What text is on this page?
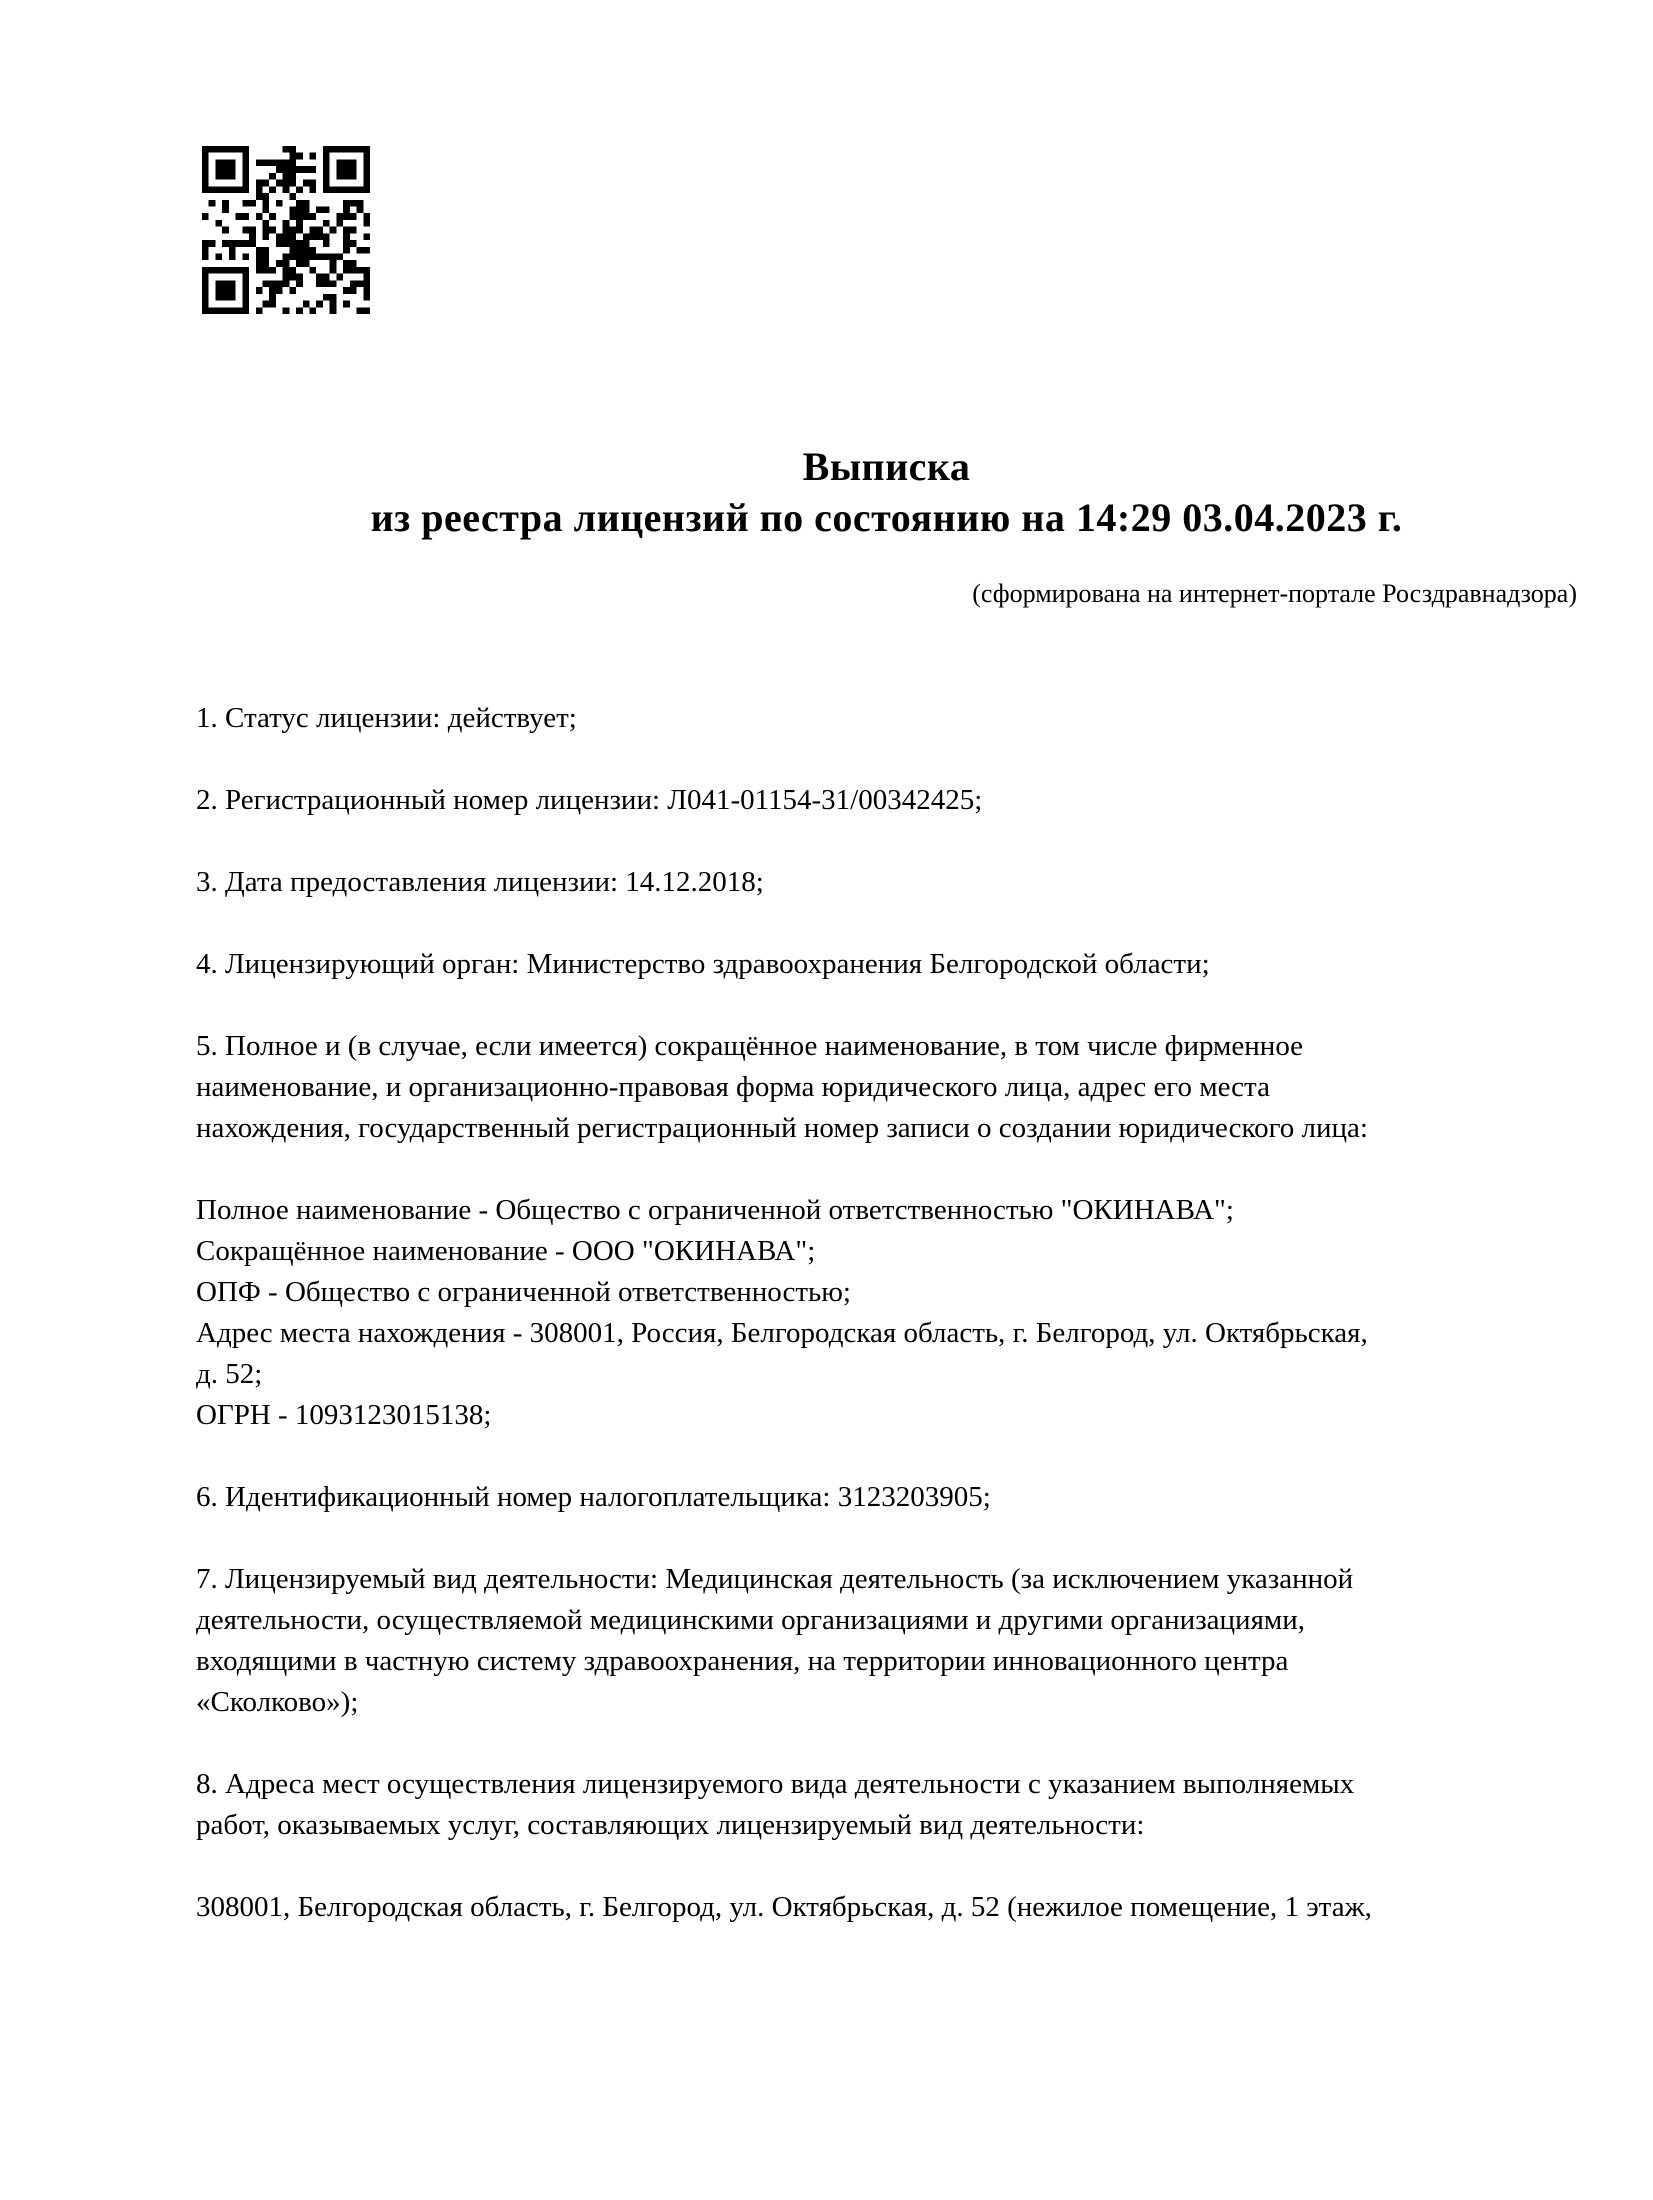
Выписка
из реестра лицензий по состоянию на 14:29 03.04.2023 г.
(сформирована на интернет-портале Росздравнадзора)
1. Статус лицензии: действует;
2. Регистрационный номер лицензии: Л041-01154-31/00342425;
3. Дата предоставления лицензии: 14.12.2018;
4. Лицензирующий орган: Министерство здравоохранения Белгородской области;
5. Полное и (в случае, если имеется) сокращённое наименование, в том числе фирменное
наименование, и организационно-правовая форма юридического лица, адрес его места
нахождения, государственный регистрационный номер записи о создании юридического лица:
Полное наименование - Общество с ограниченной ответственностью "ОКИНАВА";
Сокращённое наименование - ООО "ОКИНАВА";
ОПФ - Общество с ограниченной ответственностью;
Адрес места нахождения - 308001, Россия, Белгородская область, г. Белгород, ул. Октябрьская,
д. 52;
ОГРН - 1093123015138;
6. Идентификационный номер налогоплательщика: 3123203905;
7. Лицензируемый вид деятельности: Медицинская деятельность (за исключением указанной
деятельности, осуществляемой медицинскими организациями и другими организациями,
входящими в частную систему здравоохранения, на территории инновационного центра
«Сколково»);
8. Адреса мест осуществления лицензируемого вида деятельности с указанием выполняемых
работ, оказываемых услуг, составляющих лицензируемый вид деятельности:
308001, Белгородская область, г. Белгород, ул. Октябрьская, д. 52 (нежилое помещение, 1 этаж,
